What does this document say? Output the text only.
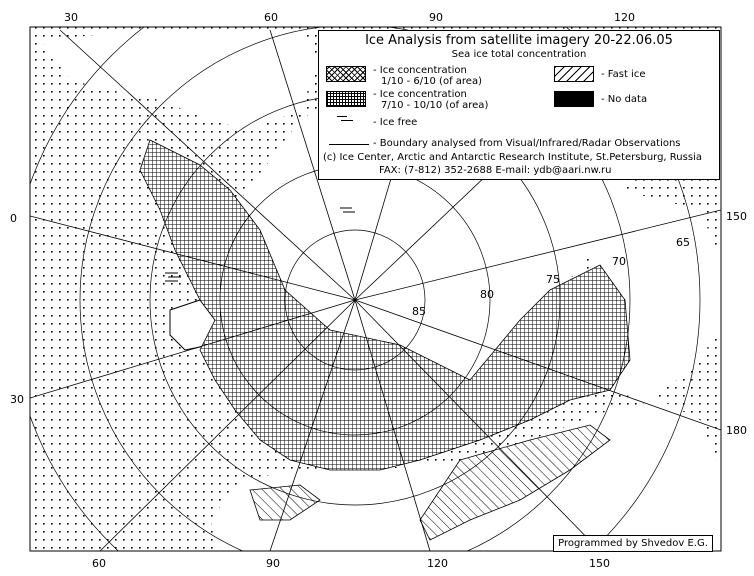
30	60	90	120
60	90	120	150
0
30
150
180
85
80
75
70
65
Ice Analysis from satellite imagery 20-22.06.05
Sea ice total concentration
- Ice concentration
1/10 - 6/10 (of area)
- Ice concentration
7/10 - 10/10 (of area)
- Ice free
- Fast ice
- No data
- Boundary analysed from Visual/Infrared/Radar Observations
(c) Ice Center, Arctic and Antarctic Research Institute, St.Petersburg, Russia
FAX: (7-812) 352-2688 E-mail: ydb@aari.nw.ru
Programmed by Shvedov E.G.
